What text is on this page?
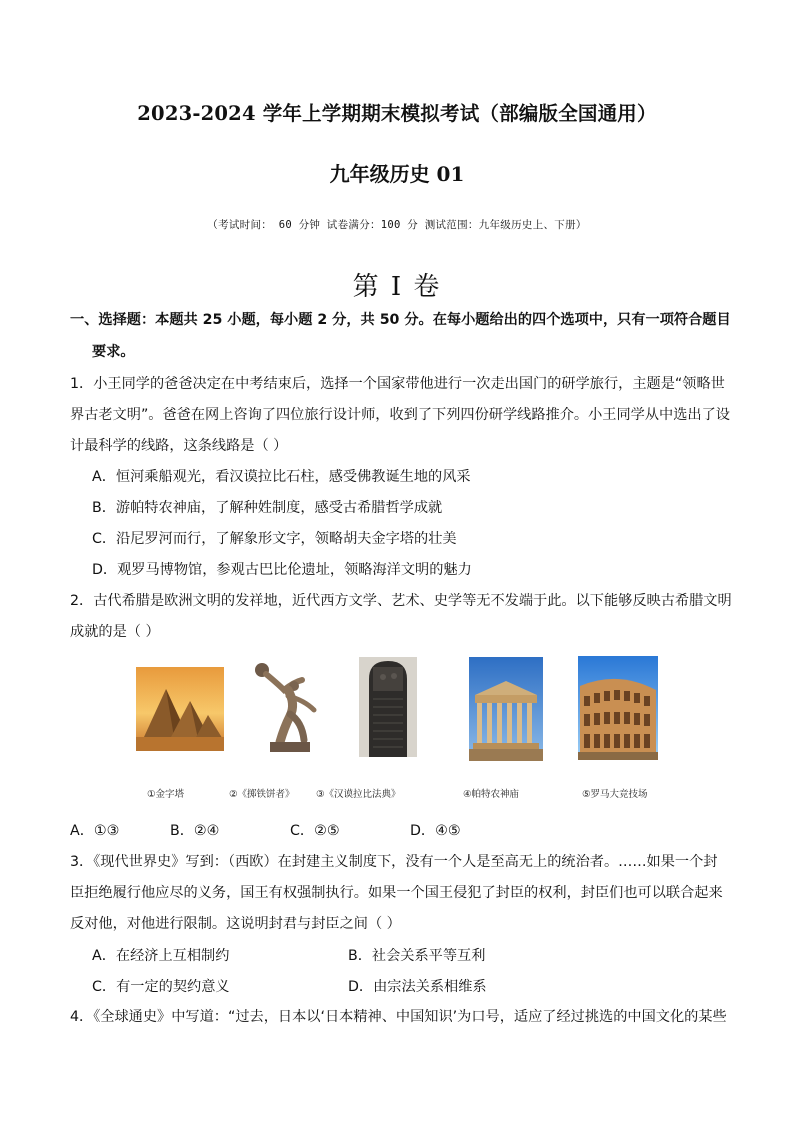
2023-2024 学年上学期期末模拟考试（部编版全国通用）
九年级历史 01
（考试时间： 60 分钟 试卷满分：100 分 测试范围：九年级历史上、下册）
第 I 卷
一、选择题：本题共 25 小题，每小题 2 分，共 50 分。在每小题给出的四个选项中，只有一项符合题目
要求。
1．小王同学的爸爸决定在中考结束后，选择一个国家带他进行一次走出国门的研学旅行，主题是“领略世
界古老文明”。爸爸在网上咨询了四位旅行设计师，收到了下列四份研学线路推介。小王同学从中选出了设
计最科学的线路，这条线路是（ ）
A．恒河乘船观光，看汉谟拉比石柱，感受佛教诞生地的风采
B．游帕特农神庙，了解种姓制度，感受古希腊哲学成就
C．沿尼罗河而行，了解象形文字，领略胡夫金字塔的壮美
D．观罗马博物馆，参观古巴比伦遗址，领略海洋文明的魅力
2．古代希腊是欧洲文明的发祥地，近代西方文学、艺术、史学等无不发端于此。以下能够反映古希腊文明
成就的是（ ）
①金字塔	②《掷铁饼者》 ③《汉谟拉比法典》	④帕特农神庙	⑤罗马大竞技场
A．①③	B．②④	C．②⑤	D．④⑤
3．《现代世界史》写到：（西欧）在封建主义制度下，没有一个人是至高无上的统治者。……如果一个封
臣拒绝履行他应尽的义务，国王有权强制执行。如果一个国王侵犯了封臣的权利，封臣们也可以联合起来
反对他，对他进行限制。这说明封君与封臣之间（ ）
A．在经济上互相制约	B．社会关系平等互利
C．有一定的契约意义	D．由宗法关系相维系
4．《全球通史》中写道：“过去，日本以‘日本精神、中国知识’为口号，适应了经过挑选的中国文化的某些
